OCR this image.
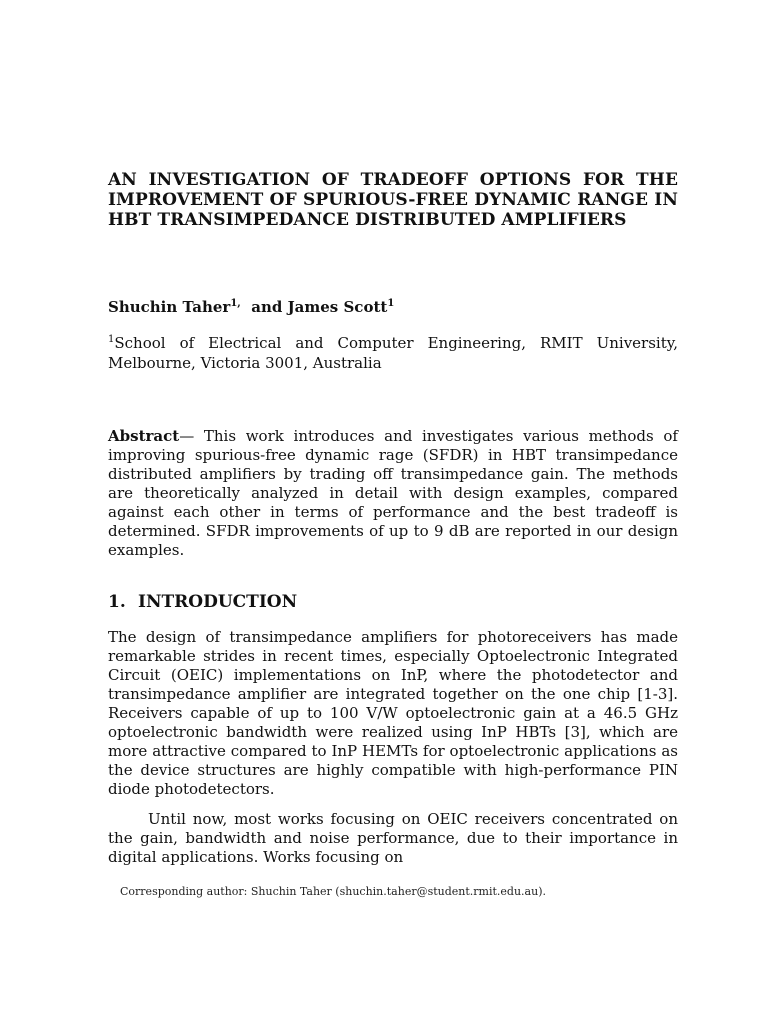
AN INVESTIGATION OF TRADEOFF OPTIONS FOR THE IMPROVEMENT OF SPURIOUS-FREE DYNAMIC RANGE IN HBT TRANSIMPEDANCE DISTRIBUTED AMPLIFIERS
Shuchin Taher$^{1,}$ and James Scott$^1$
$^1$School of Electrical and Computer Engineering, RMIT University, Melbourne, Victoria 3001, Australia
Abstract— This work introduces and investigates various methods of improving spurious-free dynamic rage (SFDR) in HBT transimpedance distributed amplifiers by trading off transimpedance gain. The methods are theoretically analyzed in detail with design examples, compared against each other in terms of performance and the best tradeoff is determined. SFDR improvements of up to 9 dB are reported in our design examples.
1. INTRODUCTION
The design of transimpedance amplifiers for photoreceivers has made remarkable strides in recent times, especially Optoelectronic Integrated Circuit (OEIC) implementations on InP, where the photodetector and transimpedance amplifier are integrated together on the one chip [1-3]. Receivers capable of up to 100 V/W optoelectronic gain at a 46.5 GHz optoelectronic bandwidth were realized using InP HBTs [3], which are more attractive compared to InP HEMTs for optoelectronic applications as the device structures are highly compatible with high-performance PIN diode photodetectors.
Until now, most works focusing on OEIC receivers concentrated on the gain, bandwidth and noise performance, due to their importance in digital applications. Works focusing on
Corresponding author: Shuchin Taher (shuchin.taher@student.rmit.edu.au).
